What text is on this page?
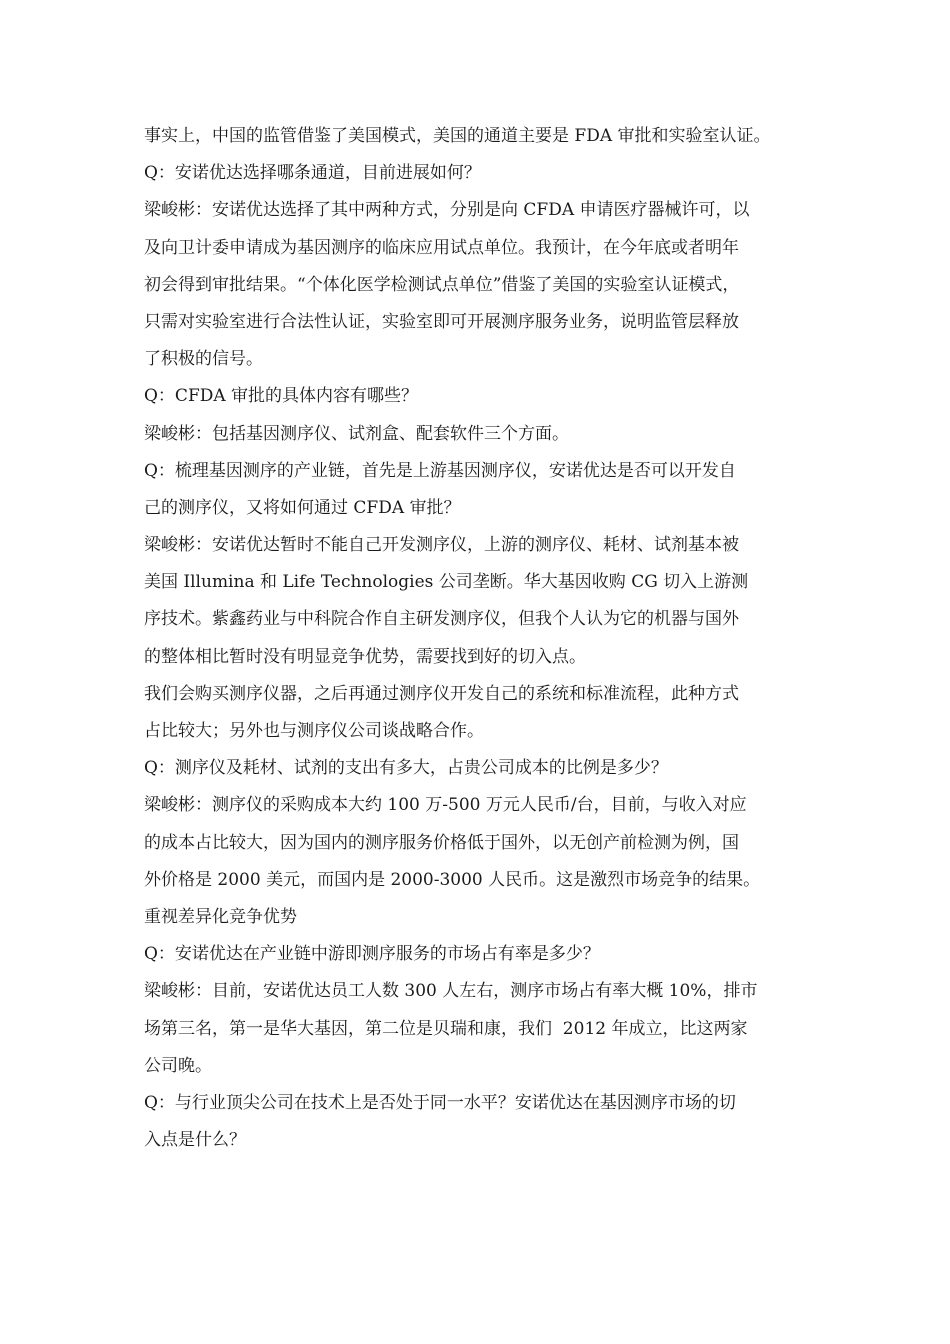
事实上，中国的监管借鉴了美国模式，美国的通道主要是 FDA 审批和实验室认证。
Q：安诺优达选择哪条通道，目前进展如何？
梁峻彬：安诺优达选择了其中两种方式，分别是向 CFDA 申请医疗器械许可，以
及向卫计委申请成为基因测序的临床应用试点单位。我预计，在今年底或者明年
初会得到审批结果。“个体化医学检测试点单位”借鉴了美国的实验室认证模式，
只需对实验室进行合法性认证，实验室即可开展测序服务业务，说明监管层释放
了积极的信号。
Q：CFDA 审批的具体内容有哪些？
梁峻彬：包括基因测序仪、试剂盒、配套软件三个方面。
Q：梳理基因测序的产业链，首先是上游基因测序仪，安诺优达是否可以开发自
己的测序仪，又将如何通过 CFDA 审批？
梁峻彬：安诺优达暂时不能自己开发测序仪，上游的测序仪、耗材、试剂基本被
美国 Illumina 和 Life Technologies 公司垄断。华大基因收购 CG 切入上游测
序技术。紫鑫药业与中科院合作自主研发测序仪，但我个人认为它的机器与国外
的整体相比暂时没有明显竞争优势，需要找到好的切入点。
我们会购买测序仪器，之后再通过测序仪开发自己的系统和标准流程，此种方式
占比较大；另外也与测序仪公司谈战略合作。
Q：测序仪及耗材、试剂的支出有多大，占贵公司成本的比例是多少？
梁峻彬：测序仪的采购成本大约 100 万-500 万元人民币/台，目前，与收入对应
的成本占比较大，因为国内的测序服务价格低于国外，以无创产前检测为例，国
外价格是 2000 美元，而国内是 2000-3000 人民币。这是激烈市场竞争的结果。
重视差异化竞争优势
Q：安诺优达在产业链中游即测序服务的市场占有率是多少？
梁峻彬：目前，安诺优达员工人数 300 人左右，测序市场占有率大概 10%，排市
场第三名，第一是华大基因，第二位是贝瑞和康，我们  2012 年成立，比这两家
公司晚。
Q：与行业顶尖公司在技术上是否处于同一水平？安诺优达在基因测序市场的切
入点是什么？
